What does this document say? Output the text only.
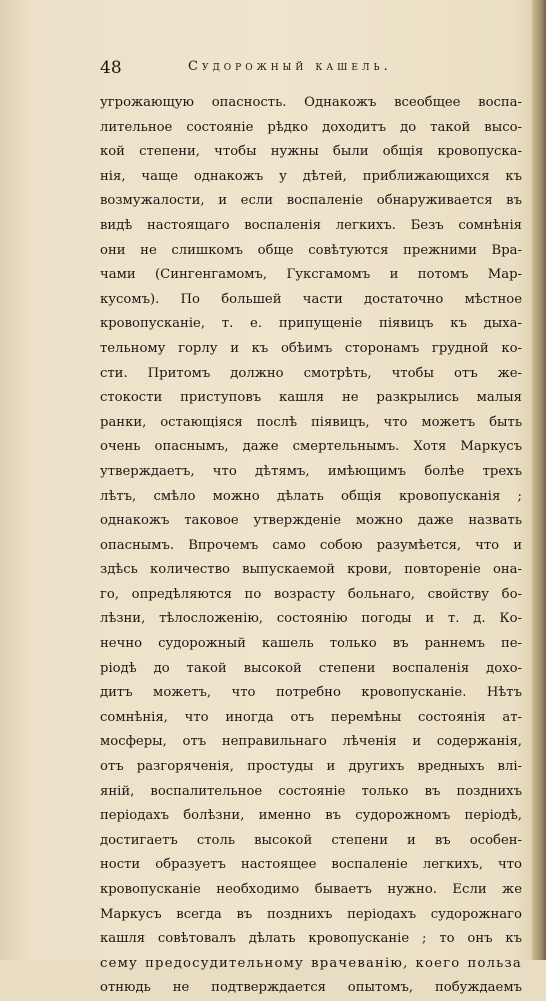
48	Судорожный кашель.
угрожающую опасность. Однакожъ всеобщее воспа-
лительное состояніе рѣдко доходитъ до такой высо-
кой степени, чтобы нужны были общія кровопуска-
нія, чаще однакожъ у дѣтей, приближающихся къ
возмужалости, и если воспаленіе обнаруживается въ
видѣ настоящаго воспаленія легкихъ. Безъ сомнѣнія
они не слишкомъ обще совѣтуются прежними Вра-
чами (Сингенгамомъ, Гуксгамомъ и потомъ Мар-
кусомъ). По большей части достаточно мѣстное
кровопусканіе, т. е. припущеніе піявицъ къ дыха-
тельному горлу и къ обѣимъ сторонамъ грудной ко-
сти. Притомъ должно смотрѣть, чтобы отъ же-
стокости приступовъ кашля не разкрылись малыя
ранки, остающіяся послѣ піявицъ, что можетъ быть
очень опаснымъ, даже смертельнымъ. Хотя Маркусъ
утверждаетъ, что дѣтямъ, имѣющимъ болѣе трехъ
лѣтъ, смѣло можно дѣлать общія кровопусканія ;
однакожъ таковое утвержденіе можно даже назвать
опаснымъ. Впрочемъ само собою разумѣется, что и
здѣсь количество выпускаемой крови, повтореніе она-
го, опредѣляются по возрасту больнаго, свойству бо-
лѣзни, тѣлосложенію, состоянію погоды и т. д. Ко-
нечно судорожный кашель только въ раннемъ пе-
ріодѣ до такой высокой степени воспаленія дохо-
дитъ можетъ, что потребно кровопусканіе. Нѣтъ
сомнѣнія, что иногда отъ перемѣны состоянія ат-
мосферы, отъ неправильнаго лѣченія и содержанія,
отъ разгоряченія, простуды и другихъ вредныхъ влі-
яній, воспалительное состояніе только въ позднихъ
періодахъ болѣзни, именно въ судорожномъ періодѣ,
достигаетъ столь высокой степени и въ особен-
ности образуетъ настоящее воспаленіе легкихъ, что
кровопусканіе необходимо бываетъ нужно. Если же
Маркусъ всегда въ позднихъ періодахъ судорожнаго
кашля совѣтовалъ дѣлать кровопусканіе ; то онъ къ
сему предосудительному врачеванію, коего польза
отнюдь не подтверждается опытомъ, побуждаемъ
